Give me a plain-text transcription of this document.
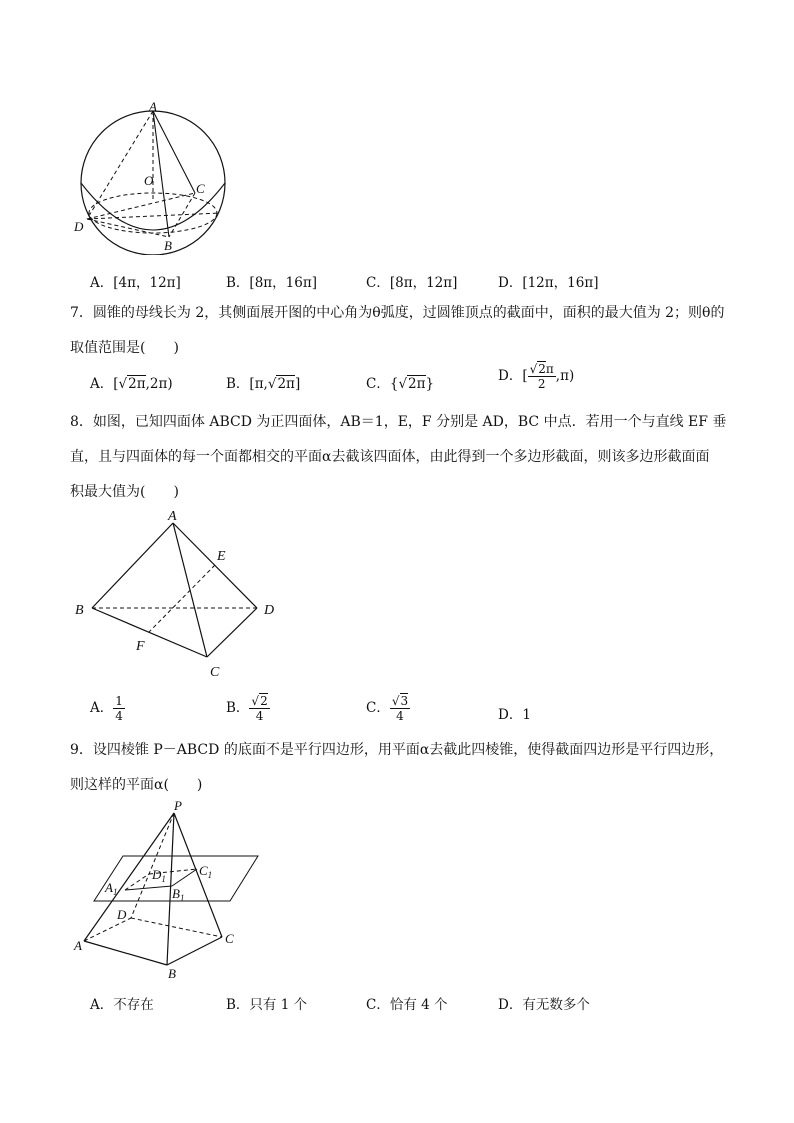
A
O
C
D
B
A．[4π，12π]	B．[8π，16π]	C．[8π，12π]	D．[12π，16π]
7．圆锥的母线长为 2，其侧面展开图的中心角为θ弧度，过圆锥顶点的截面中，面积的最大值为 2；则θ的
取值范围是(　　)
A．[√2π,2π)	B．[π,√2π]	C．{√2π}	D．[ $\frac{√2\pi}{2} ,\pi$)
8．如图，已知四面体 ABCD 为正四面体，AB＝1，E，F 分别是 AD，BC 中点．若用一个与直线 EF 垂
直，且与四面体的每一个面都相交的平面α去截该四面体，由此得到一个多边形截面，则该多边形截面面
积最大值为(　　)
A
E
B	D
F
C
A． $\frac{1}{4}$	B． $\frac{√2}{4}$	C． $\frac{√3}{4}$	D．1
9．设四棱锥 P－ABCD 的底面不是平行四边形，用平面α去截此四棱锥，使得截面四边形是平行四边形，
则这样的平面α(　　)
P
$D_1$
$C_1$
$A_1$	$B_1$
D
C
A
B
A．不存在	B．只有 1 个	C．恰有 4 个	D．有无数多个
